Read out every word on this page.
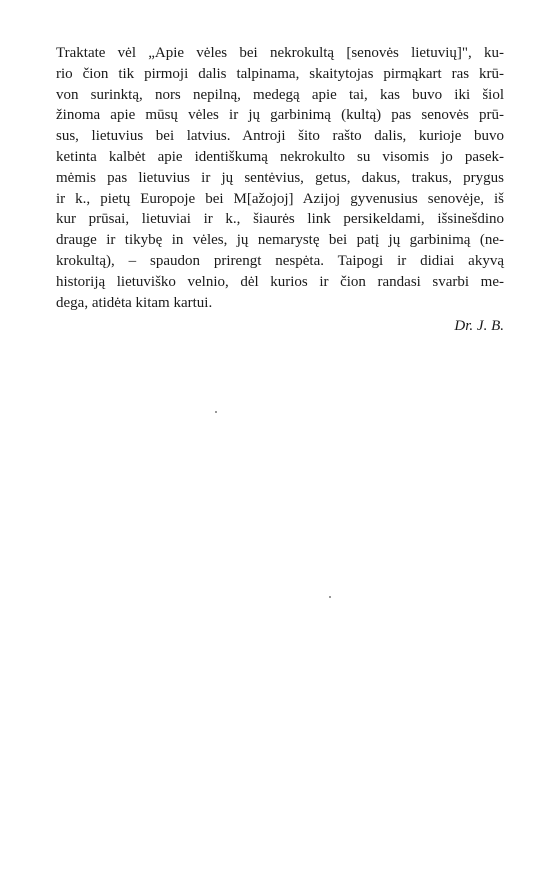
Traktate vėl „Apie vėles bei nekrokultą [senovės lietuvių]", ku-
rio čion tik pirmoji dalis talpinama, skaitytojas pirmąkart ras krū-
von surinktą, nors nepilną, medegą apie tai, kas buvo iki šiol
žinoma apie mūsų vėles ir jų garbinimą (kultą) pas senovės prū-
sus, lietuvius bei latvius. Antroji šito rašto dalis, kurioje buvo
ketinta kalbėt apie identiškumą nekrokulto su visomis jo pasek-
mėmis pas lietuvius ir jų sentėvius, getus, dakus, trakus, prygus
ir k., pietų Europoje bei M[ažojoj] Azijoj gyvenusius senovėje, iš
kur prūsai, lietuviai ir k., šiaurės link persikeldami, išsinešdino
drauge ir tikybę in vėles, jų nemarystę bei patį jų garbinimą (ne-
krokultą), – spaudon prirengt nespėta. Taipogi ir didiai akyvą
historiją lietuviško velnio, dėl kurios ir čion randasi svarbi me-
dega, atidėta kitam kartui.
Dr. J. B.
